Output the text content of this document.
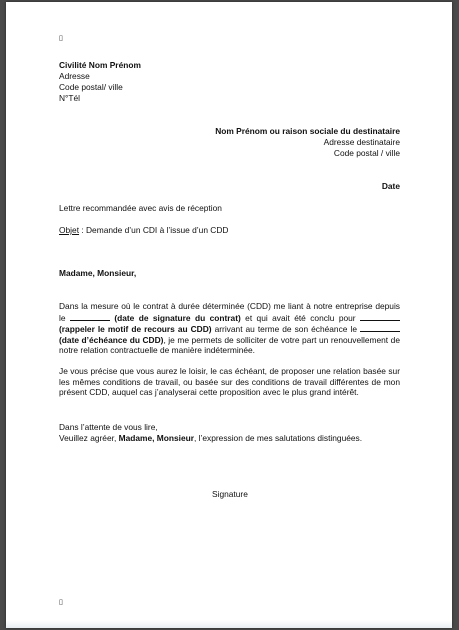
▯
Civilité Nom Prénom
Adresse
Code postal/ ville
N°Tél
Nom Prénom ou raison sociale du destinataire
Adresse destinataire
Code postal / ville
Date
Lettre recommandée avec avis de réception
Objet : Demande d’un CDI à l’issue d’un CDD
Madame, Monsieur,
Dans la mesure où le contrat à durée déterminée (CDD) me liant à notre entreprise depuis le	(date de signature du contrat) et qui avait été conclu pour  (rappeler le motif de recours au CDD) arrivant au terme de son échéance le  (date d’échéance du CDD), je me permets de solliciter de votre part un renouvellement de notre relation contractuelle de manière indéterminée.
Je vous précise que vous aurez le loisir, le cas échéant, de proposer une relation basée sur les mêmes conditions de travail, ou basée sur des conditions de travail différentes de mon présent CDD, auquel cas j’analyserai cette proposition avec le plus grand intérêt.
Dans l’attente de vous lire,
Veuillez agréer, Madame, Monsieur, l’expression de mes salutations distinguées.
Signature
▯
